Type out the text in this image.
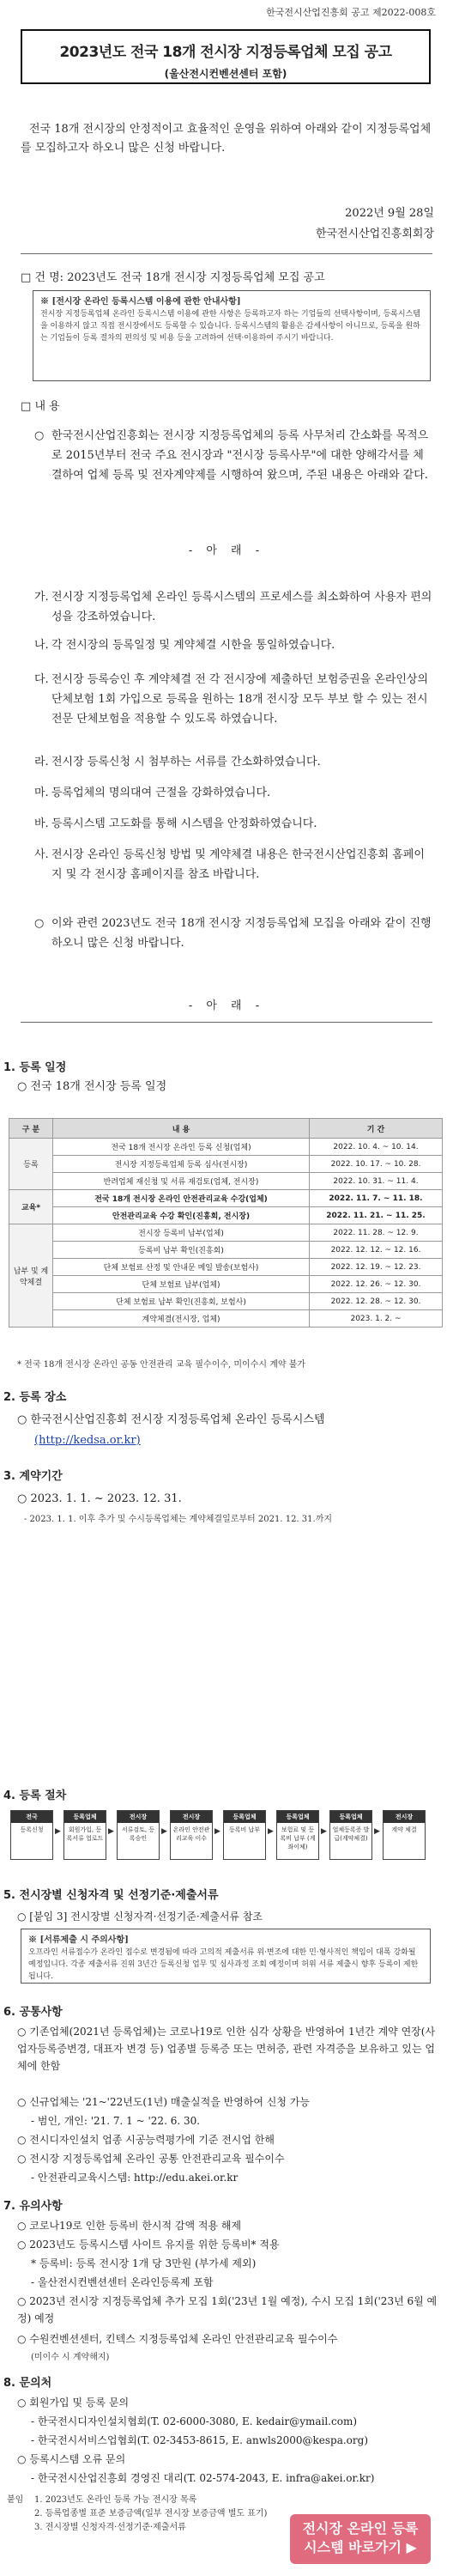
한국전시산업진흥회 공고 제2022-008호
2023년도 전국 18개 전시장 지정등록업체 모집 공고
(울산전시컨벤션센터 포함)
전국 18개 전시장의 안정적이고 효율적인 운영을 위하여 아래와 같이 지정등록업체를 모집하고자 하오니 많은 신청 바랍니다.
2022년 9월 28일
한국전시산업진흥회회장
□ 건 명: 2023년도 전국 18개 전시장 지정등록업체 모집 공고
※ [전시장 온라인 등록시스템 이용에 관한 안내사항]
전시장 지정등록업체 온라인 등록시스템 이용에 관한 사항은 등록하고자 하는 기업들의 선택사항이며, 등록시스템을 이용하지 않고 직접 전시장에서도 등록할 수 있습니다. 등록시스템의 활용은 감세사항이 아니므로, 등록을 원하는 기업들이 등록 절차의 편의성 및 비용 등을 고려하여 선택·이용하여 주시기 바랍니다.
□ 내 용
○ 한국전시산업진흥회는 전시장 지정등록업체의 등록 사무처리 간소화를 목적으로 2015년부터 전국 주요 전시장과 "전시장 등록사무"에 대한 양해각서를 체결하여 업체 등록 및 전자계약제를 시행하여 왔으며, 주된 내용은 아래와 같다.
- 아 래 -
가. 전시장 지정등록업체 온라인 등록시스템의 프로세스를 최소화하여 사용자 편의성을 강조하였습니다.
나. 각 전시장의 등록일정 및 계약체결 시한을 통일하였습니다.
다. 전시장 등록승인 후 계약체결 전 각 전시장에 제출하던 보험증권을 온라인상의 단체보험 1회 가입으로 등록을 원하는 18개 전시장 모두 부보 할 수 있는 전시 전문 단체보험을 적용할 수 있도록 하였습니다.
라. 전시장 등록신청 시 첨부하는 서류를 간소화하였습니다.
마. 등록업체의 명의대여 근절을 강화하였습니다.
바. 등록시스템 고도화를 통해 시스템을 안정화하였습니다.
사. 전시장 온라인 등록신청 방법 및 계약체결 내용은 한국전시산업진흥회 홈페이지 및 각 전시장 홈페이지를 참조 바랍니다.
○ 이와 관련 2023년도 전국 18개 전시장 지정등록업체 모집을 아래와 같이 진행하오니 많은 신청 바랍니다.
- 아 래 -
1. 등록 일정
○ 전국 18개 전시장 등록 일정
구 분	내 용	기 간
등록	전국 18개 전시장 온라인 등록 신청(업체)	2022. 10. 4. ~ 10. 14.
	전시장 지정등록업체 등록 심사(전시장)	2022. 10. 17. ~ 10. 28.
	반려업체 재신청 및 서류 재검토(업체, 전시장)	2022. 10. 31. ~ 11. 4.
교육*	전국 18개 전시장 온라인 안전관리교육 수강(업체)	2022. 11. 7. ~ 11. 18.
	안전관리교육 수강 확인(진흥회, 전시장)	2022. 11. 21. ~ 11. 25.
납부 및 계약체결	전시장 등록비 납부(업체)	2022. 11. 28. ~ 12. 9.
	등록비 납부 확인(진흥회)	2022. 12. 12. ~ 12. 16.
	단체 보험료 산정 및 안내문 메일 발송(보험사)	2022. 12. 19. ~ 12. 23.
	단체 보험료 납부(업체)	2022. 12. 26. ~ 12. 30.
	단체 보험료 납부 확인(진흥회, 보험사)	2022. 12. 28. ~ 12. 30.
	계약체결(전시장, 업체)	2023. 1. 2. ~
* 전국 18개 전시장 온라인 공동 안전관리 교육 필수이수, 미이수시 계약 불가
2. 등록 장소
○ 한국전시산업진흥회 전시장 지정등록업체 온라인 등록시스템
(http://kedsa.or.kr)
3. 계약기간
○ 2023. 1. 1. ~ 2023. 12. 31.
- 2023. 1. 1. 이후 추가 및 수시등록업체는 계약체결일로부터 2021. 12. 31.까지
4. 등록 절차
전국
등록신청	▶
등록업체
회원가입, 등록서류 업로드
▶
전시장
서류검토, 등록승인
▶
전시장
온라인 안전관리교육 이수
▶
등록업체
등록비 납부 ▶
등록업체
보험료 및 등록비 납부 (계좌이체)
▶
등록업체
업체등록증 발급(계약체결)
▶
전시장
계약 체결
5. 전시장별 신청자격 및 선정기준·제출서류
○ [붙임 3] 전시장별 신청자격·선정기준·제출서류 참조
※ [서류제출 시 주의사항]
오프라인 서류접수가 온라인 접수로 변경됨에 따라 고의적 제출서류 위·변조에 대한 민·형사적인 책임이 대폭 강화될 예정입니다. 각종 제출서류 진위 3년간 등록신청 업무 및 심사과정 조회 예정이며 허위 서류 제출시 향후 등록이 제한됩니다.
6. 공통사항
○ 기존업체(2021년 등록업체)는 코로나19로 인한 심각 상황을 반영하여 1년간 계약 연장(사업자등록증변경, 대표자 변경 등) 업종별 등록증 또는 면허증, 관련 자격증을 보유하고 있는 업체에 한함
○ 신규업체는 '21~'22년도(1년) 매출실적을 반영하여 신청 가능
- 범인, 개인: '21. 7. 1 ~ '22. 6. 30.
○ 전시디자인설치 업종 시공능력평가에 기준 전시업 한해
○ 전시장 지정등록업체 온라인 공통 안전관리교육 필수이수
- 안전관리교육시스템: http://edu.akei.or.kr
7. 유의사항
○ 코로나19로 인한 등록비 한시적 감액 적용 해제
○ 2023년도 등록시스템 사이트 유지를 위한 등록비* 적용
* 등록비: 등록 전시장 1개 당 3만원 (부가세 제외)
- 울산전시컨벤션센터 온라인등록제 포함
○ 2023년 전시장 지정등록업체 추가 모집 1회('23년 1월 예정), 수시 모집 1회('23년 6월 예정) 예정
○ 수원컨벤션센터, 킨텍스 지정등록업체 온라인 안전관리교육 필수이수
(미이수 시 계약해지)
8. 문의처
○ 회원가입 및 등록 문의
- 한국전시디자인설치협회(T. 02-6000-3080, E. kedair@ymail.com)
- 한국전시서비스업협회(T. 02-3453-8615, E. anwls2000@kespa.org)
○ 등록시스템 오류 문의
- 한국전시산업진흥회 경영진 대리(T. 02-574-2043, E. infra@akei.or.kr)
붙임	1. 2023년도 온라인 등록 가능 전시장 목록
2. 등록업종별 표준 보증금액(일부 전시장 보증금액 별도 표기)
3. 전시장별 신청자격·선정기준·제출서류	전시장 온라인 등록
시스템 바로가기 ▶
